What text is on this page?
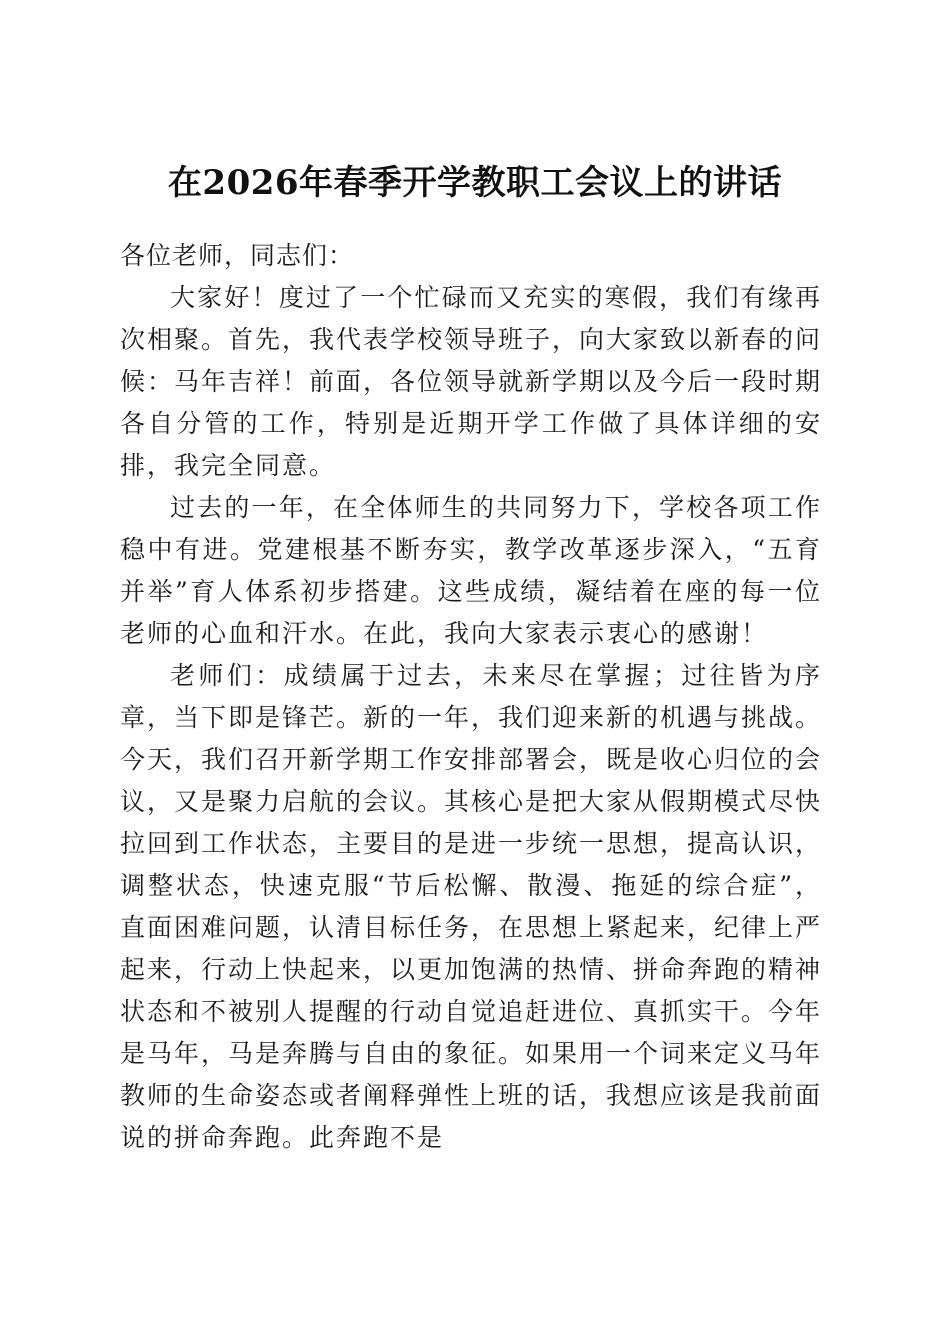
在2026年春季开学教职工会议上的讲话

各位老师，同志们：

大家好！度过了一个忙碌而又充实的寒假，我们有缘再次相聚。首先，我代表学校领导班子，向大家致以新春的问候：马年吉祥！前面，各位领导就新学期以及今后一段时期各自分管的工作，特别是近期开学工作做了具体详细的安排，我完全同意。

过去的一年，在全体师生的共同努力下，学校各项工作稳中有进。党建根基不断夯实，教学改革逐步深入，“五育并举”育人体系初步搭建。这些成绩，凝结着在座的每一位老师的心血和汗水。在此，我向大家表示衷心的感谢！

老师们：成绩属于过去，未来尽在掌握；过往皆为序章，当下即是锋芒。新的一年，我们迎来新的机遇与挑战。今天，我们召开新学期工作安排部署会，既是收心归位的会议，又是聚力启航的会议。其核心是把大家从假期模式尽快拉回到工作状态，主要目的是进一步统一思想，提高认识，调整状态，快速克服“节后松懈、散漫、拖延的综合症”，直面困难问题，认清目标任务，在思想上紧起来，纪律上严起来，行动上快起来，以更加饱满的热情、拼命奔跑的精神状态和不被别人提醒的行动自觉追赶进位、真抓实干。今年是马年，马是奔腾与自由的象征。如果用一个词来定义马年教师的生命姿态或者阐释弹性上班的话，我想应该是我前面说的拼命奔跑。此奔跑不是
